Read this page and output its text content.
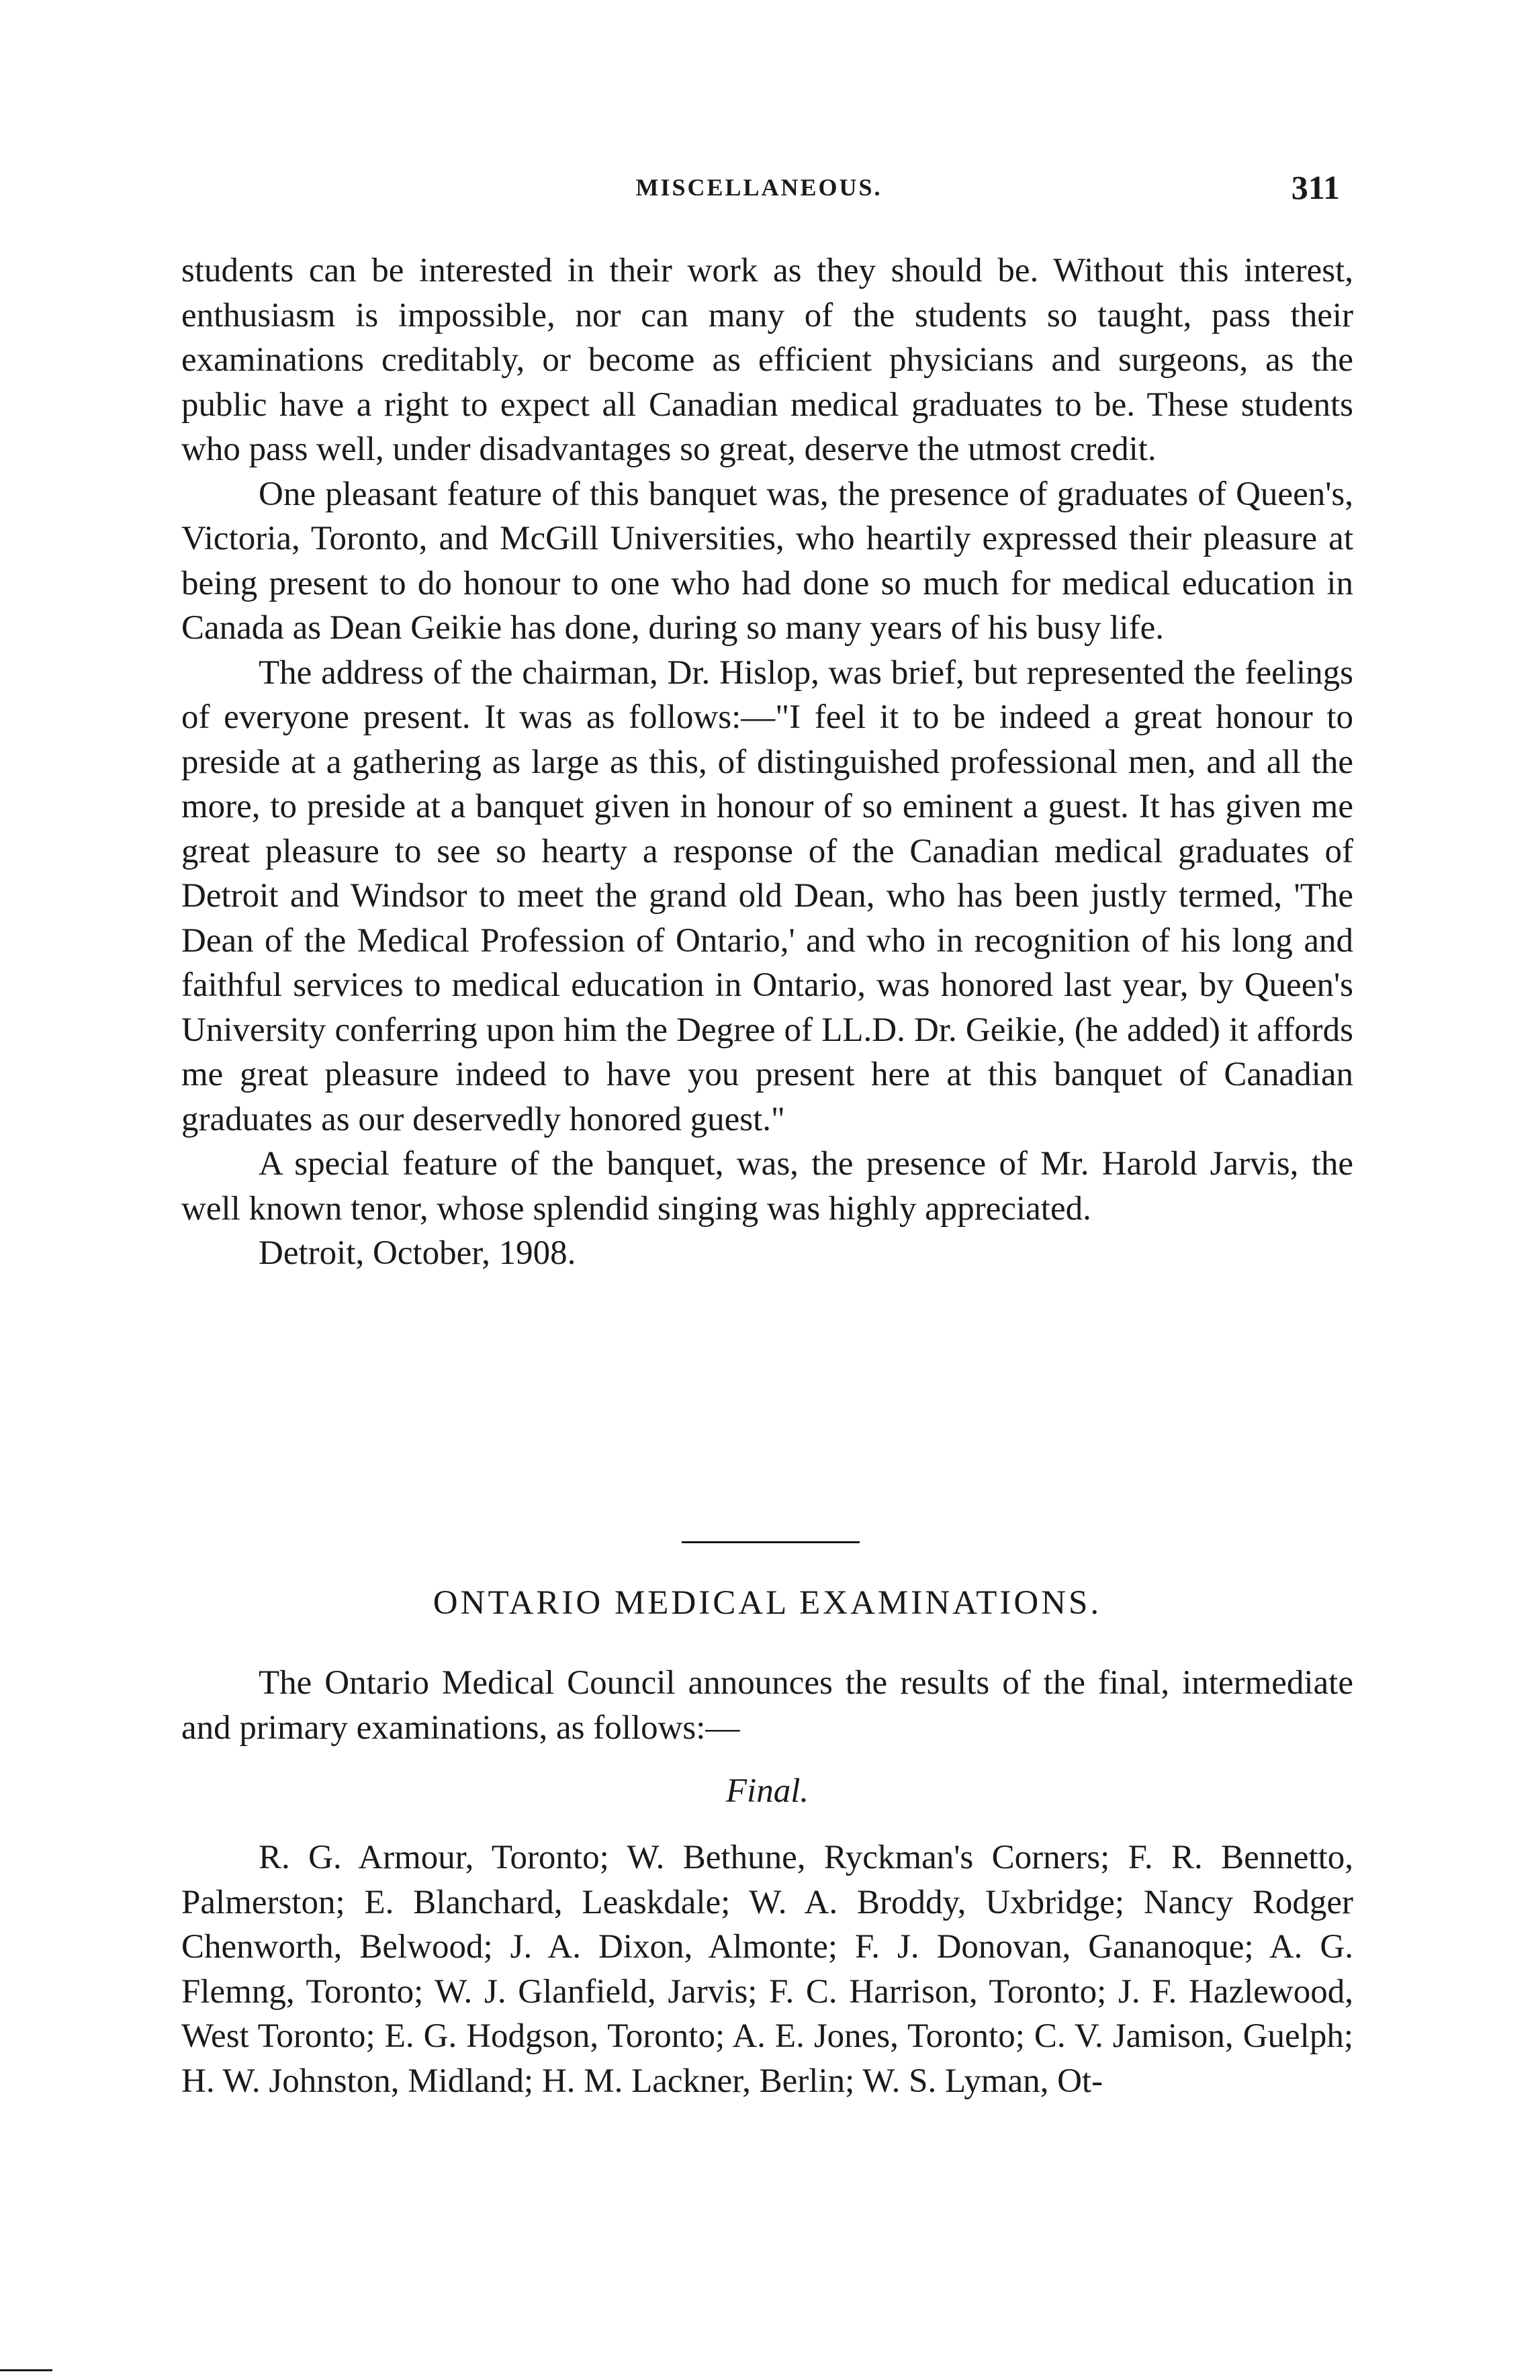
MISCELLANEOUS.	311

students can be interested in their work as they should be. Without this interest, enthusiasm is impossible, nor can many of the students so taught, pass their examinations creditably, or become as efficient physicians and surgeons, as the public have a right to expect all Canadian medical graduates to be. These students who pass well, under disadvantages so great, deserve the utmost credit.

One pleasant feature of this banquet was, the presence of graduates of Queen's, Victoria, Toronto, and McGill Universities, who heartily expressed their pleasure at being present to do honour to one who had done so much for medical education in Canada as Dean Geikie has done, during so many years of his busy life.

The address of the chairman, Dr. Hislop, was brief, but represented the feelings of everyone present. It was as follows:—"I feel it to be indeed a great honour to preside at a gathering as large as this, of distinguished professional men, and all the more, to preside at a banquet given in honour of so eminent a guest. It has given me great pleasure to see so hearty a response of the Canadian medical graduates of Detroit and Windsor to meet the grand old Dean, who has been justly termed, 'The Dean of the Medical Profession of Ontario,' and who in recognition of his long and faithful services to medical education in Ontario, was honored last year, by Queen's University conferring upon him the Degree of LL.D. Dr. Geikie, (he added) it affords me great pleasure indeed to have you present here at this banquet of Canadian graduates as our deservedly honored guest."

A special feature of the banquet, was, the presence of Mr. Harold Jarvis, the well known tenor, whose splendid singing was highly appreciated.

Detroit, October, 1908.

ONTARIO MEDICAL EXAMINATIONS.

The Ontario Medical Council announces the results of the final, intermediate and primary examinations, as follows:—

Final.

R. G. Armour, Toronto; W. Bethune, Ryckman's Corners; F. R. Bennetto, Palmerston; E. Blanchard, Leaskdale; W. A. Broddy, Uxbridge; Nancy Rodger Chenworth, Belwood; J. A. Dixon, Almonte; F. J. Donovan, Gananoque; A. G. Flemng, Toronto; W. J. Glanfield, Jarvis; F. C. Harrison, Toronto; J. F. Hazlewood, West Toronto; E. G. Hodgson, Toronto; A. E. Jones, Toronto; C. V. Jamison, Guelph; H. W. Johnston, Midland; H. M. Lackner, Berlin; W. S. Lyman, Ot-
